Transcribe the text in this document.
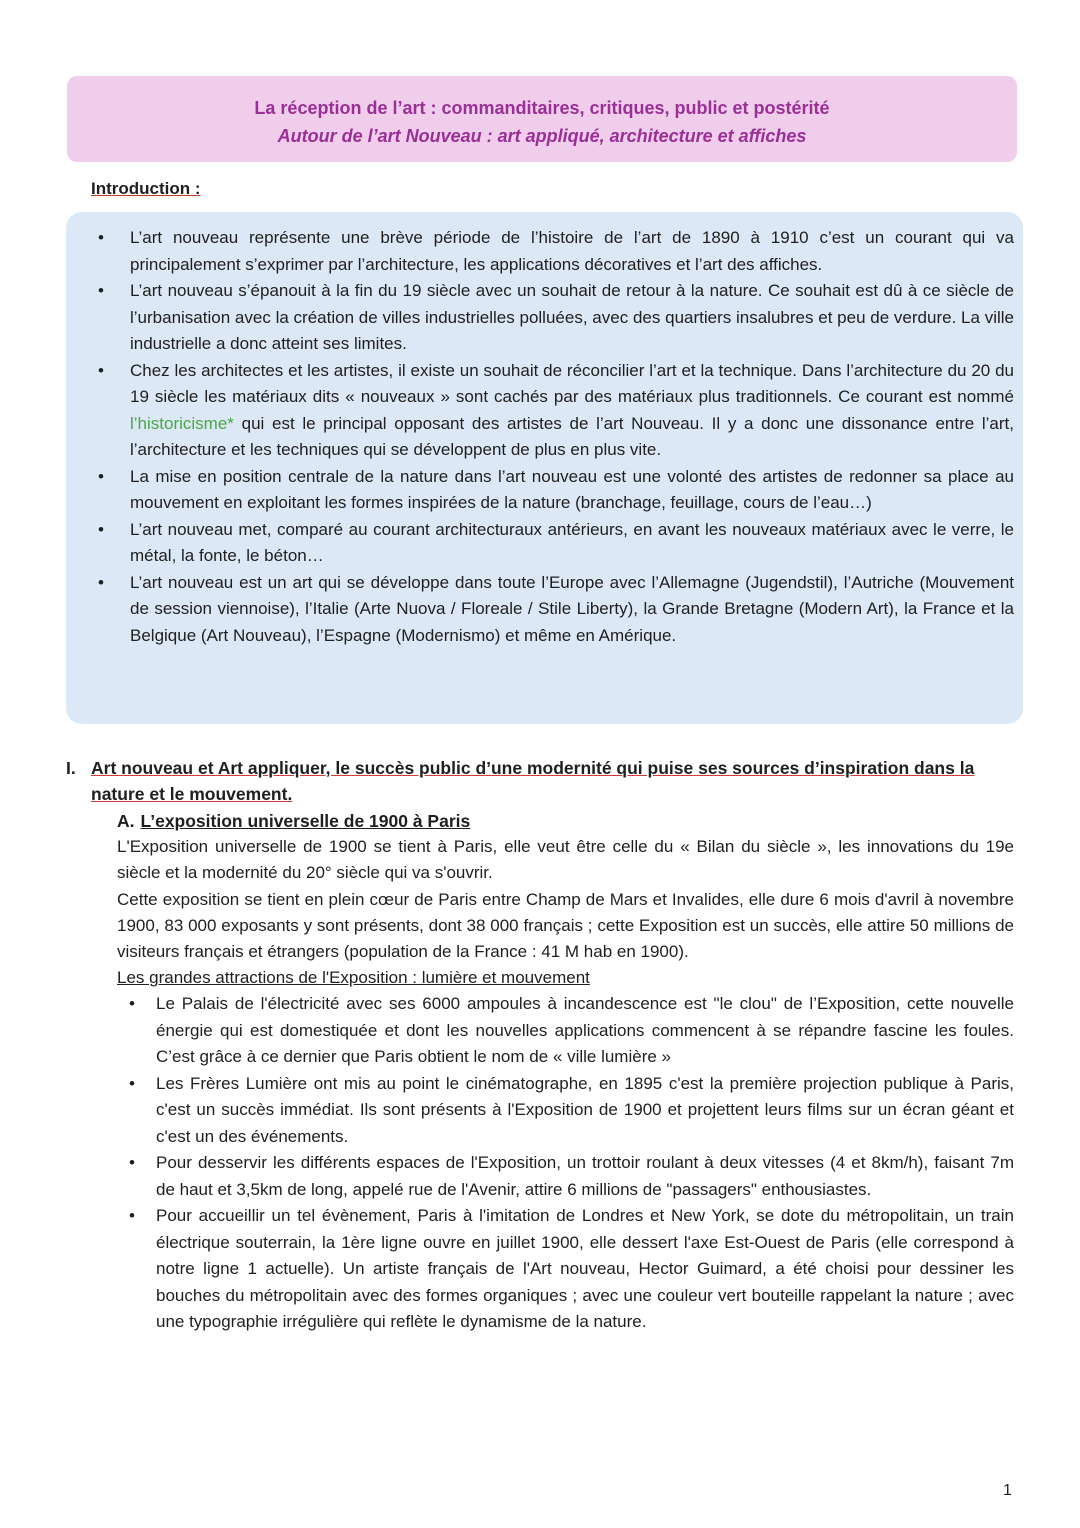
La réception de l’art : commanditaires, critiques, public et postérité
Autour de l’art Nouveau : art appliqué, architecture et affiches
Introduction :
• L’art nouveau représente une brève période de l’histoire de l’art de 1890 à 1910 c’est un courant qui va principalement s’exprimer par l’architecture, les applications décoratives et l’art des affiches.
• L’art nouveau s’épanouit à la fin du 19 siècle avec un souhait de retour à la nature. Ce souhait est dû à ce siècle de l’urbanisation avec la création de villes industrielles polluées, avec des quartiers insalubres et peu de verdure. La ville industrielle a donc atteint ses limites.
• Chez les architectes et les artistes, il existe un souhait de réconcilier l’art et la technique. Dans l’architecture du 20 du 19 siècle les matériaux dits « nouveaux » sont cachés par des matériaux plus traditionnels. Ce courant est nommé l’historicisme* qui est le principal opposant des artistes de l’art Nouveau. Il y a donc une dissonance entre l’art, l’architecture et les techniques qui se développent de plus en plus vite.
• La mise en position centrale de la nature dans l’art nouveau est une volonté des artistes de redonner sa place au mouvement en exploitant les formes inspirées de la nature (branchage, feuillage, cours de l’eau…)
• L’art nouveau met, comparé au courant architecturaux antérieurs, en avant les nouveaux matériaux avec le verre, le métal, la fonte, le béton…
• L’art nouveau est un art qui se développe dans toute l’Europe avec l’Allemagne (Jugendstil), l’Autriche (Mouvement de session viennoise), l’Italie (Arte Nuova / Floreale / Stile Liberty), la Grande Bretagne (Modern Art), la France et la Belgique (Art Nouveau), l’Espagne (Modernismo) et même en Amérique.
I. Art nouveau et Art appliquer, le succès public d’une modernité qui puise ses sources d’inspiration dans la nature et le mouvement.
A. L’exposition universelle de 1900 à Paris

L'Exposition universelle de 1900 se tient à Paris, elle veut être celle du « Bilan du siècle », les innovations du 19e siècle et la modernité du 20° siècle qui va s'ouvrir.

Cette exposition se tient en plein cœur de Paris entre Champ de Mars et Invalides, elle dure 6 mois d'avril à novembre 1900, 83 000 exposants y sont présents, dont 38 000 français ; cette Exposition est un succès, elle attire 50 millions de visiteurs français et étrangers (population de la France : 41 M hab en 1900).

Les grandes attractions de l'Exposition : lumière et mouvement

• Le Palais de l'électricité avec ses 6000 ampoules à incandescence est "le clou" de l’Exposition, cette nouvelle énergie qui est domestiquée et dont les nouvelles applications commencent à se répandre fascine les foules. C’est grâce à ce dernier que Paris obtient le nom de « ville lumière »
• Les Frères Lumière ont mis au point le cinématographe, en 1895 c'est la première projection publique à Paris, c'est un succès immédiat. Ils sont présents à l'Exposition de 1900 et projettent leurs films sur un écran géant et c'est un des événements.
• Pour desservir les différents espaces de l'Exposition, un trottoir roulant à deux vitesses (4 et 8km/h), faisant 7m de haut et 3,5km de long, appelé rue de l'Avenir, attire 6 millions de "passagers" enthousiastes.
• Pour accueillir un tel évènement, Paris à l'imitation de Londres et New York, se dote du métropolitain, un train électrique souterrain, la 1ère ligne ouvre en juillet 1900, elle dessert l'axe Est-Ouest de Paris (elle correspond à notre ligne 1 actuelle). Un artiste français de l'Art nouveau, Hector Guimard, a été choisi pour dessiner les bouches du métropolitain avec des formes organiques ; avec une couleur vert bouteille rappelant la nature ; avec une typographie irrégulière qui reflète le dynamisme de la nature.
1
